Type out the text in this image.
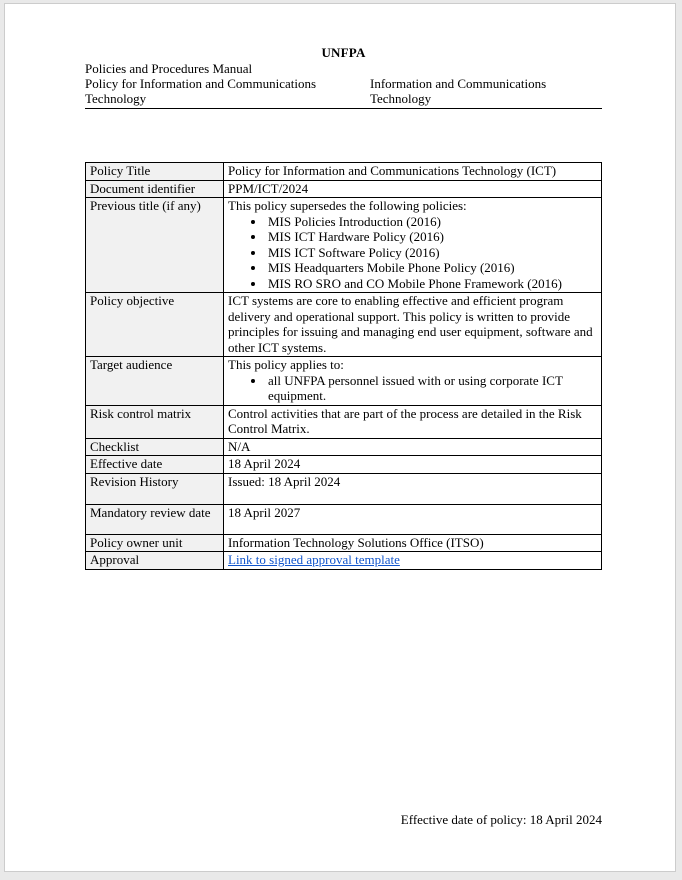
UNFPA
Policies and Procedures Manual
Policy for Information and Communications Technology
Information and Communications Technology
Policy Title	Policy for Information and Communications Technology (ICT)
Document identifier	PPM/ICT/2024
Previous title (if any)	This policy supersedes the following policies:
• MIS Policies Introduction (2016)
• MIS ICT Hardware Policy (2016)
• MIS ICT Software Policy (2016)
• MIS Headquarters Mobile Phone Policy (2016)
• MIS RO SRO and CO Mobile Phone Framework (2016)

Policy objective	ICT systems are core to enabling effective and efficient program delivery and operational support. This policy is written to provide principles for issuing and managing end user equipment, software and other ICT systems.
Target audience	This policy applies to:
• all UNFPA personnel issued with or using corporate ICT equipment.

Risk control matrix	Control activities that are part of the process are detailed in the Risk Control Matrix.
Checklist	N/A
Effective date	18 April 2024
Revision History	Issued: 18 April 2024
Mandatory review date	18 April 2027
Policy owner unit	Information Technology Solutions Office (ITSO)
Approval	Link to signed approval template
Effective date of policy: 18 April 2024
